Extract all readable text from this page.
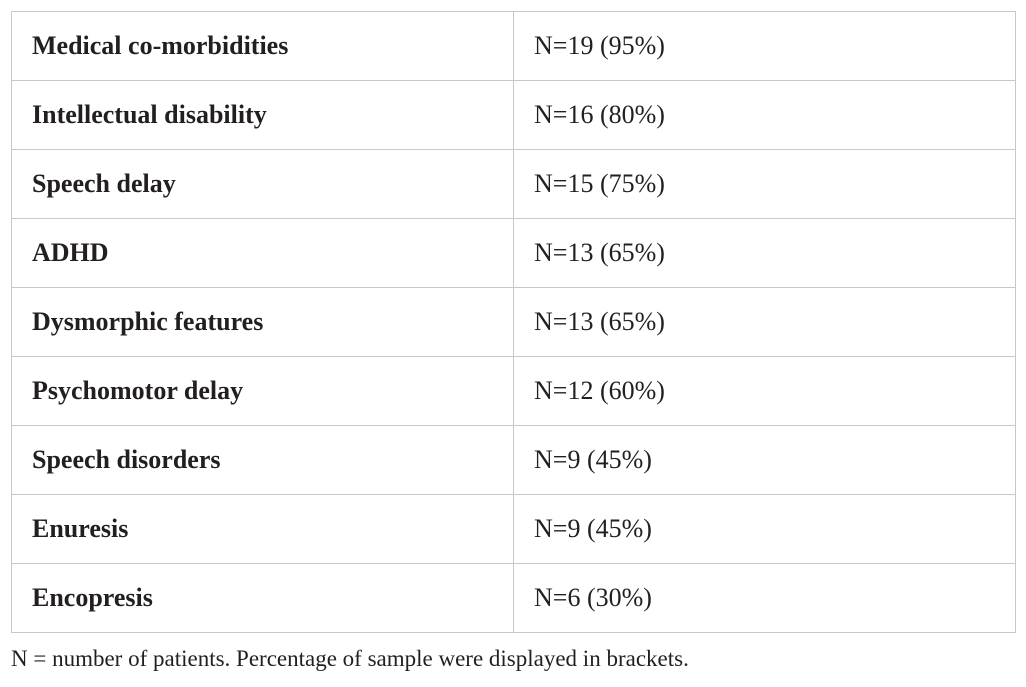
Medical co-morbidities	N=19 (95%)
Intellectual disability	N=16 (80%)
Speech delay	N=15 (75%)
ADHD	N=13 (65%)
Dysmorphic features	N=13 (65%)
Psychomotor delay	N=12 (60%)
Speech disorders	N=9 (45%)
Enuresis	N=9 (45%)
Encopresis	N=6 (30%)
N = number of patients. Percentage of sample were displayed in brackets.
